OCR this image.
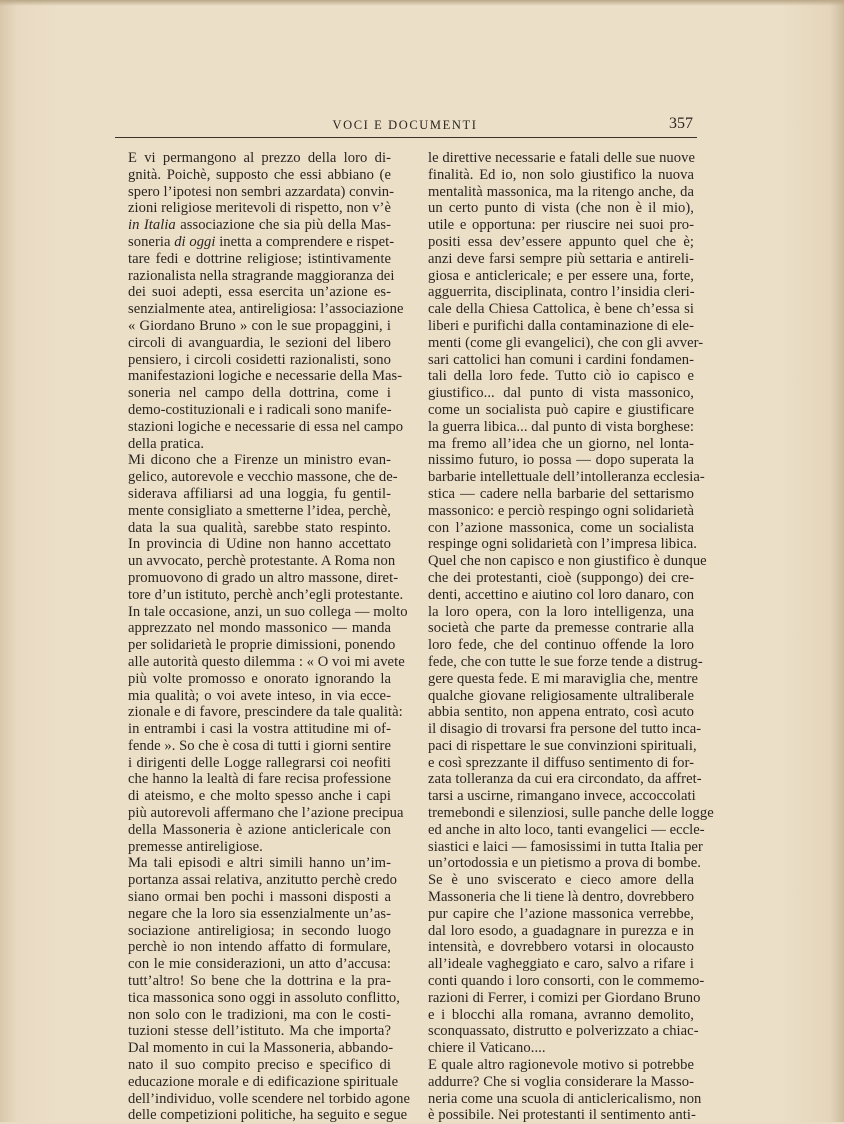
VOCI E DOCUMENTI	357

E vi permangono al prezzo della loro di-
gnità. Poichè, supposto che essi abbiano (e
spero l’ipotesi non sembri azzardata) convin-
zioni religiose meritevoli di rispetto, non v’è
in Italia associazione che sia più della Mas-
soneria di oggi inetta a comprendere e rispet-
tare fedi e dottrine religiose; istintivamente
razionalista nella stragrande maggioranza dei
dei suoi adepti, essa esercita un’azione es-
senzialmente atea, antireligiosa: l’associazione
« Giordano Bruno » con le sue propaggini, i
circoli di avanguardia, le sezioni del libero
pensiero, i circoli cosidetti razionalisti, sono
manifestazioni logiche e necessarie della Mas-
soneria nel campo della dottrina, come i
demo-costituzionali e i radicali sono manife-
stazioni logiche e necessarie di essa nel campo
della pratica.

Mi dicono che a Firenze un ministro evan-
gelico, autorevole e vecchio massone, che de-
siderava affiliarsi ad una loggia, fu gentil-
mente consigliato a smetterne l’idea, perchè,
data la sua qualità, sarebbe stato respinto.
In provincia di Udine non hanno accettato
un avvocato, perchè protestante. A Roma non
promuovono di grado un altro massone, diret-
tore d’un istituto, perchè anch’egli protestante.
In tale occasione, anzi, un suo collega — molto
apprezzato nel mondo massonico — manda
per solidarietà le proprie dimissioni, ponendo
alle autorità questo dilemma : « O voi mi avete
più volte promosso e onorato ignorando la
mia qualità; o voi avete inteso, in via ecce-
zionale e di favore, prescindere da tale qualità:
in entrambi i casi la vostra attitudine mi of-
fende ». So che è cosa di tutti i giorni sentire
i dirigenti delle Logge rallegrarsi coi neofiti
che hanno la lealtà di fare recisa professione
di ateismo, e che molto spesso anche i capi
più autorevoli affermano che l’azione precipua
della Massoneria è azione anticlericale con
premesse antireligiose.

Ma tali episodi e altri simili hanno un’im-
portanza assai relativa, anzitutto perchè credo
siano ormai ben pochi i massoni disposti a
negare che la loro sia essenzialmente un’as-
sociazione antireligiosa; in secondo luogo
perchè io non intendo affatto di formulare,
con le mie considerazioni, un atto d’accusa:
tutt’altro! So bene che la dottrina e la pra-
tica massonica sono oggi in assoluto conflitto,
non solo con le tradizioni, ma con le costi-
tuzioni stesse dell’istituto. Ma che importa?
Dal momento in cui la Massoneria, abbando-
nato il suo compito preciso e specifico di
educazione morale e di edificazione spirituale
dell’individuo, volle scendere nel torbido agone
delle competizioni politiche, ha seguito e segue

le direttive necessarie e fatali delle sue nuove
finalità. Ed io, non solo giustifico la nuova
mentalità massonica, ma la ritengo anche, da
un certo punto di vista (che non è il mio),
utile e opportuna: per riuscire nei suoi pro-
positi essa dev’essere appunto quel che è;
anzi deve farsi sempre più settaria e antireli-
giosa e anticlericale; e per essere una, forte,
agguerrita, disciplinata, contro l’insidia cleri-
cale della Chiesa Cattolica, è bene ch’essa si
liberi e purifichi dalla contaminazione di ele-
menti (come gli evangelici), che con gli avver-
sari cattolici han comuni i cardini fondamen-
tali della loro fede. Tutto ciò io capisco e
giustifico... dal punto di vista massonico,
come un socialista può capire e giustificare
la guerra libica... dal punto di vista borghese:
ma fremo all’idea che un giorno, nel lonta-
nissimo futuro, io possa — dopo superata la
barbarie intellettuale dell’intolleranza ecclesia-
stica — cadere nella barbarie del settarismo
massonico: e perciò respingo ogni solidarietà
con l’azione massonica, come un socialista
respinge ogni solidarietà con l’impresa libica.
Quel che non capisco e non giustifico è dunque
che dei protestanti, cioè (suppongo) dei cre-
denti, accettino e aiutino col loro danaro, con
la loro opera, con la loro intelligenza, una
società che parte da premesse contrarie alla
loro fede, che del continuo offende la loro
fede, che con tutte le sue forze tende a distrug-
gere questa fede. E mi maraviglia che, mentre
qualche giovane religiosamente ultraliberale
abbia sentito, non appena entrato, così acuto
il disagio di trovarsi fra persone del tutto inca-
paci di rispettare le sue convinzioni spirituali,
e così sprezzante il diffuso sentimento di for-
zata tolleranza da cui era circondato, da affret-
tarsi a uscirne, rimangano invece, accoccolati
tremebondi e silenziosi, sulle panche delle logge
ed anche in alto loco, tanti evangelici — eccle-
siastici e laici — famosissimi in tutta Italia per
un’ortodossia e un pietismo a prova di bombe.

Se è uno sviscerato e cieco amore della
Massoneria che li tiene là dentro, dovrebbero
pur capire che l’azione massonica verrebbe,
dal loro esodo, a guadagnare in purezza e in
intensità, e dovrebbero votarsi in olocausto
all’ideale vagheggiato e caro, salvo a rifare i
conti quando i loro consorti, con le commemo-
razioni di Ferrer, i comizi per Giordano Bruno
e i blocchi alla romana, avranno demolito,
sconquassato, distrutto e polverizzato a chiac-
chiere il Vaticano....

E quale altro ragionevole motivo si potrebbe
addurre? Che si voglia considerare la Masso-
neria come una scuola di anticlericalismo, non
è possibile. Nei protestanti il sentimento anti-
